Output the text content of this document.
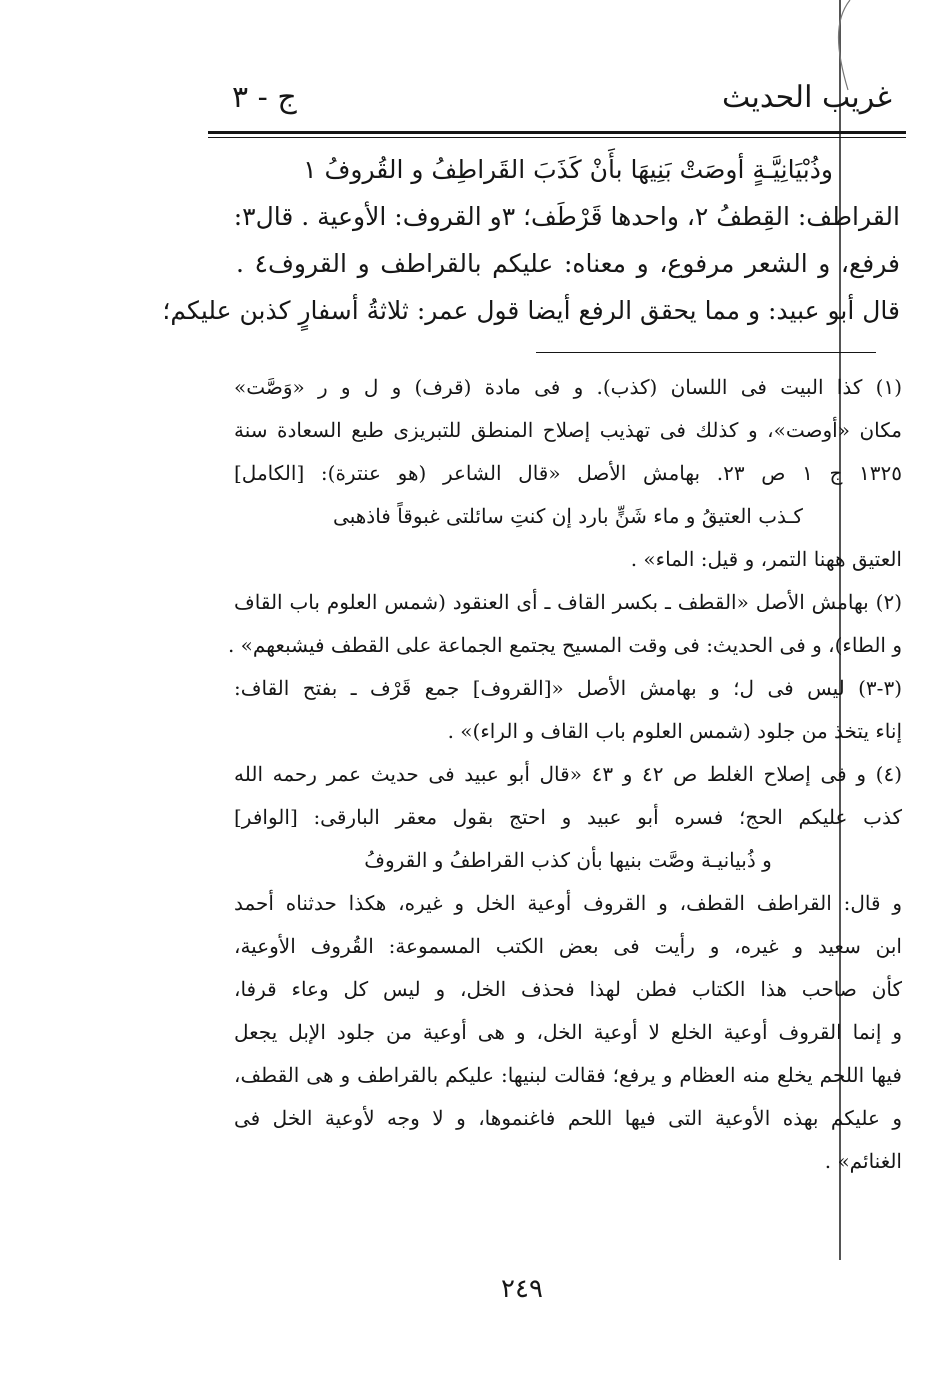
غريب الحديث
ج - ٣
وذُبْيَانِيَّـةٍ أوصَتْ بَنِيهَا بأَنْ كَذَبَ القَراطِفُ و القُروفُ ١
القراطف: القِطفُ ٢، واحدها قَرْطَف؛ ٣و القروف: الأوعية . قال٣:
فرفع، و الشعر مرفوع، و معناه: عليكم بالقراطف و القروف٤ .
قال أبو عبيد: و مما يحقق الرفع أيضا قول عمر: ثلاثةُ أسفارٍ كذبن عليكم؛
(١) كذا البيت فى اللسان (كذب). و فى مادة (قرف) و ل و ر «وَصَّت»
مكان «أوصت»، و كذلك فى تهذيب إصلاح المنطق للتبريزى طبع السعادة سنة
١٣٢٥ ج ١ ص ٢٣. بهامش الأصل «قال الشاعر (هو عنترة): [الكامل]
كـذب العتيقُ و ماء شَنٍّ بارد إن كنتِ سائلتى غبوقاً فاذهبى
العتيق ههنا التمر، و قيل: الماء» .
(٢) بهامش الأصل «القطف ـ بكسر القاف ـ أى العنقود (شمس العلوم باب القاف
و الطاء)، و فى الحديث: فى وقت المسيح يجتمع الجماعة على القطف فيشبعهم» .
(٣-٣) ليس فى ل؛ و بهامش الأصل «[القروف] جمع قَرْف ـ بفتح القاف:
إناء يتخذ من جلود (شمس العلوم باب القاف و الراء)» .
(٤) و فى إصلاح الغلط ص ٤٢ و ٤٣ «قال أبو عبيد فى حديث عمر رحمه الله
كذب عليكم الحج؛ فسره أبو عبيد و احتج بقول معقر البارقى: [الوافر]
و ذُبيانيـة وصَّت بنيها بأن كذب القراطفُ و القروفُ
و قال: القراطف القطف، و القروف أوعية الخل و غيره، هكذا حدثناه أحمد
ابن سعيد و غيره، و رأيت فى بعض الكتب المسموعة: القُروف الأوعية،
كأن صاحب هذا الكتاب فطن لهذا فحذف الخل، و ليس كل وعاء قرفا،
و إنما القروف أوعية الخلع لا أوعية الخل، و هى أوعية من جلود الإبل يجعل
فيها اللحم يخلع منه العظام و يرفع؛ فقالت لبنيها: عليكم بالقراطف و هى القطف،
و عليكم بهذه الأوعية التى فيها اللحم فاغنموها، و لا وجه لأوعية الخل فى
الغنائم» .
٢٤٩
